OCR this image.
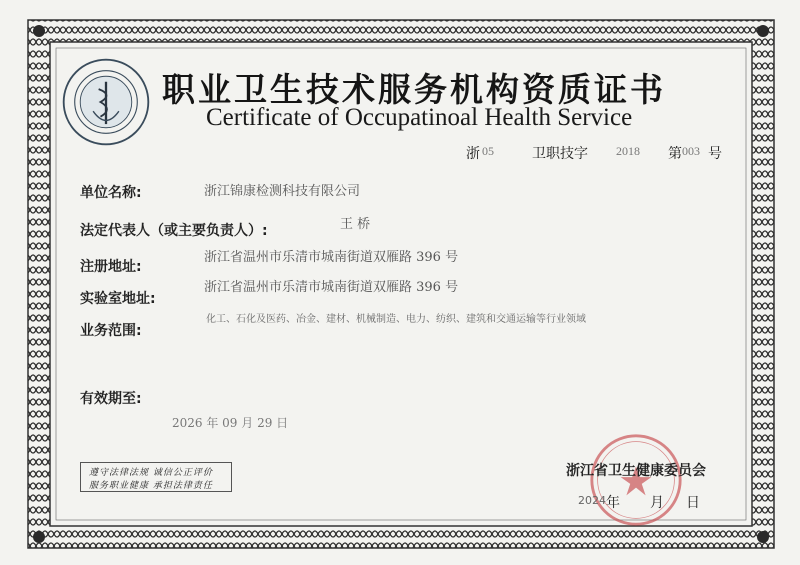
职业卫生技术服务机构资质证书
Certificate of Occupatinoal Health Service
浙 05	卫职技字 2018 第 003 号
单位名称:	浙江锦康检测科技有限公司
法定代表人（或主要负责人）:	王 桥
注册地址:
浙江省温州市乐清市城南街道双雁路 396 号
实验室地址:
浙江省温州市乐清市城南街道双雁路 396 号
业务范围:
化工、石化及医药、冶金、建材、机械制造、电力、纺织、建筑和交通运输等行业领域
有效期至:
2026 年 09 月 29 日
遵守法律法规 诚信公正评价
服务职业健康 承担法律责任
浙江省卫生健康委员会
2024 年 月 日
